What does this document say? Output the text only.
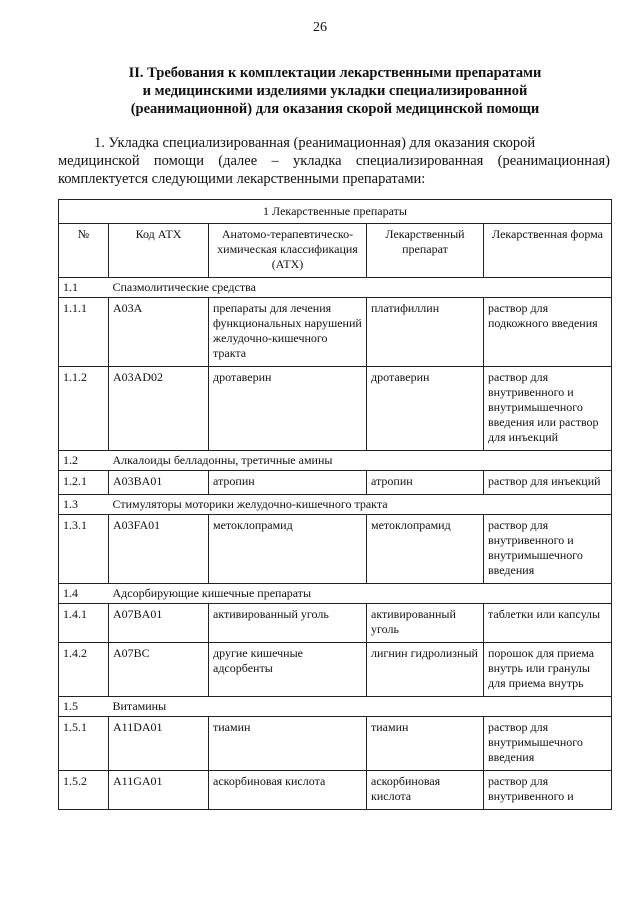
26
II. Требования к комплектации лекарственными препаратами
и медицинскими изделиями укладки специализированной
(реанимационной) для оказания скорой медицинской помощи
1. Укладка специализированная (реанимационная) для оказания скорой
медицинской помощи (далее – укладка специализированная (реанимационная) комплектуется следующими лекарственными препаратами:
1 Лекарственные препараты				
№	Код АТХ	Анатомо-терапевтическо-химическая классификация (АТХ)	Лекарственный препарат	Лекарственная форма
1.1	Спазмолитические средства			
1.1.1	A03A	препараты для лечения функциональных нарушений желудочно-кишечного тракта	платифиллин	раствор для подкожного введения
1.1.2	A03AD02	дротаверин	дротаверин	раствор для внутривенного и внутримышечного введения или раствор для инъекций
1.2	Алкалоиды белладонны, третичные амины			
1.2.1	A03BA01	атропин	атропин	раствор для инъекций
1.3	Стимуляторы моторики желудочно-кишечного тракта			
1.3.1	A03FA01	метоклопрамид	метоклопрамид	раствор для внутривенного и внутримышечного введения
1.4	Адсорбирующие кишечные препараты			
1.4.1	A07BA01	активированный уголь	активированный уголь	таблетки или капсулы
1.4.2	A07BC	другие кишечные адсорбенты	лигнин гидролизный	порошок для приема внутрь или гранулы для приема внутрь
1.5	Витамины			
1.5.1	A11DA01	тиамин	тиамин	раствор для внутримышечного введения
1.5.2	A11GA01	аскорбиновая кислота	аскорбиновая кислота	раствор для внутривенного и
